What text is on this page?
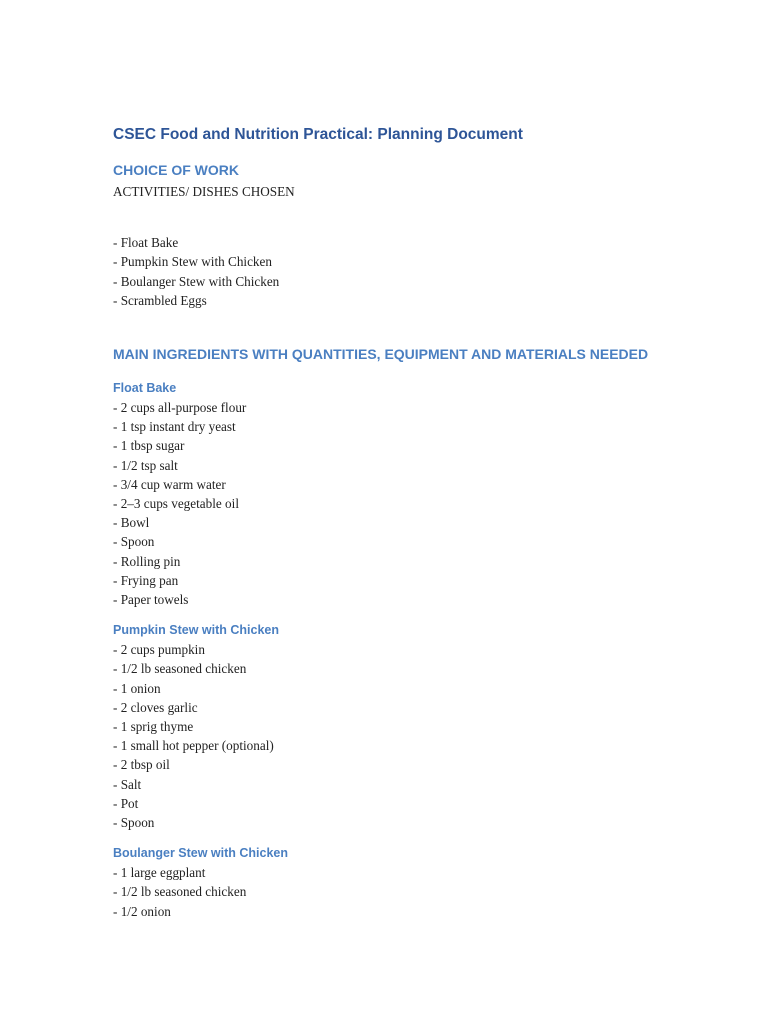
CSEC Food and Nutrition Practical: Planning Document
CHOICE OF WORK

ACTIVITIES/ DISHES CHOSEN

- Float Bake
- Pumpkin Stew with Chicken
- Boulanger Stew with Chicken
- Scrambled Eggs
MAIN INGREDIENTS WITH QUANTITIES, EQUIPMENT AND MATERIALS NEEDED
Float Bake
- 2 cups all-purpose flour
- 1 tsp instant dry yeast
- 1 tbsp sugar
- 1/2 tsp salt
- 3/4 cup warm water
- 2–3 cups vegetable oil
- Bowl
- Spoon
- Rolling pin
- Frying pan
- Paper towels
Pumpkin Stew with Chicken
- 2 cups pumpkin
- 1/2 lb seasoned chicken
- 1 onion
- 2 cloves garlic
- 1 sprig thyme
- 1 small hot pepper (optional)
- 2 tbsp oil
- Salt
- Pot
- Spoon
Boulanger Stew with Chicken
- 1 large eggplant
- 1/2 lb seasoned chicken
- 1/2 onion
